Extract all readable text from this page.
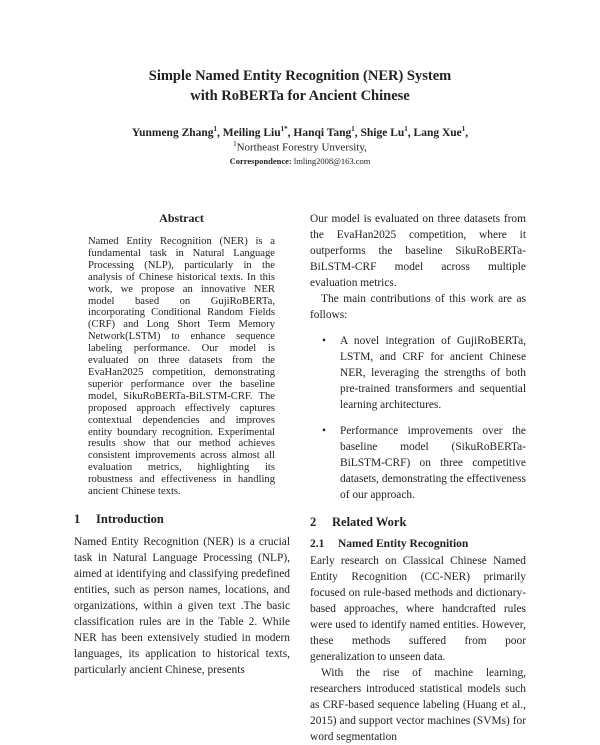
Simple Named Entity Recognition (NER) System
with RoBERTa for Ancient Chinese
Yunmeng Zhang$^1$, Meiling Liu$^{1*}$, Hanqi Tang$^1$, Shige Lu$^1$, Lang Xue$^1$,
$^1$Northeast Forestry Unversity,
Correspondence: lmling2008@163.com
Abstract
Named Entity Recognition (NER) is a fundamental task in Natural Language Processing (NLP), particularly in the analysis of Chinese historical texts. In this work, we propose an innovative NER model based on GujiRoBERTa, incorporating Conditional Random Fields (CRF) and Long Short Term Memory Network(LSTM) to enhance sequence labeling performance. Our model is evaluated on three datasets from the EvaHan2025 competition, demonstrating superior performance over the baseline model, SikuRoBERTa-BiLSTM-CRF. The proposed approach effectively captures contextual dependencies and improves entity boundary recognition. Experimental results show that our method achieves consistent improvements across almost all evaluation metrics, highlighting its robustness and effectiveness in handling ancient Chinese texts.
1 Introduction
Named Entity Recognition (NER) is a crucial task in Natural Language Processing (NLP), aimed at identifying and classifying predefined entities, such as person names, locations, and organizations, within a given text .The basic classification rules are in the Table 2. While NER has been extensively studied in modern languages, its application to historical texts, particularly ancient Chinese, presents

Our model is evaluated on three datasets from the EvaHan2025 competition, where it outperforms the baseline SikuRoBERTa-BiLSTM-CRF model across multiple evaluation metrics.

The main contributions of this work are as follows:

• A novel integration of GujiRoBERTa, LSTM, and CRF for ancient Chinese NER, leveraging the strengths of both pre-trained transformers and sequential learning architectures.
• Performance improvements over the baseline model (SikuRoBERTa-BiLSTM-CRF) on three competitive datasets, demonstrating the effectiveness of our approach.
2 Related Work
2.1 Named Entity Recognition

Early research on Classical Chinese Named Entity Recognition (CC-NER) primarily focused on rule-based methods and dictionary-based approaches, where handcrafted rules were used to identify named entities. However, these methods suffered from poor generalization to unseen data.

With the rise of machine learning, researchers introduced statistical models such as CRF-based sequence labeling (Huang et al., 2015) and support vector machines (SVMs) for word segmentation
